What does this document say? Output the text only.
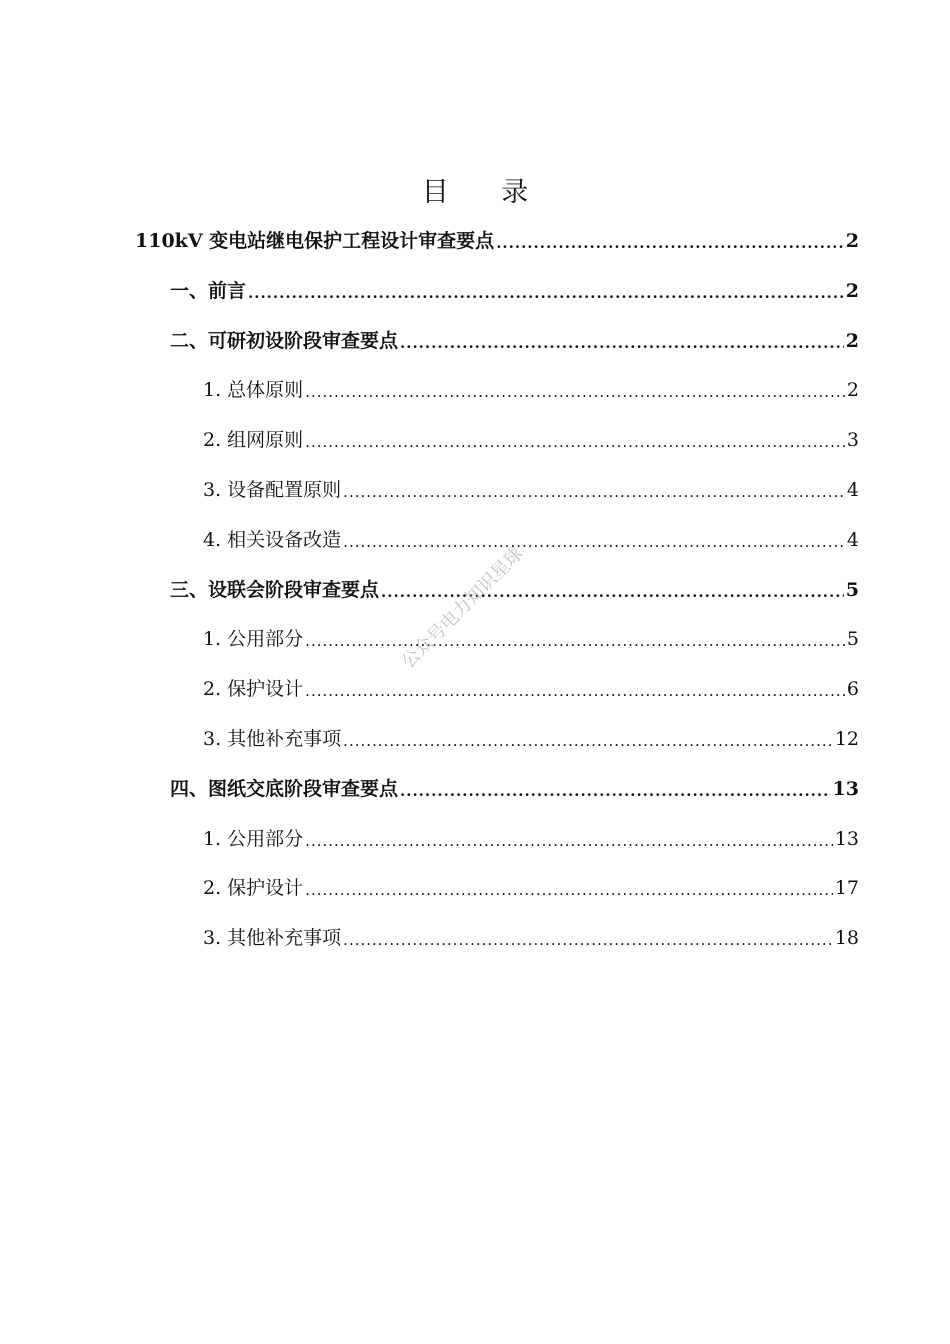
目 录
110kV 变电站继电保护工程设计审查要点 .....	2
一、前言 .....	2
二、可研初设阶段审查要点 .....	2
1. 总体原则 .....	2
2. 组网原则 .....	3
3. 设备配置原则 .....	4
4. 相关设备改造 .....	4
三、设联会阶段审查要点 .....	5
1. 公用部分 .....	5
2. 保护设计 .....	6
3. 其他补充事项 .....	12
四、图纸交底阶段审查要点 .....	13
1. 公用部分 .....	13
2. 保护设计 .....	17
3. 其他补充事项 .....	18
公众号电力知识星球
